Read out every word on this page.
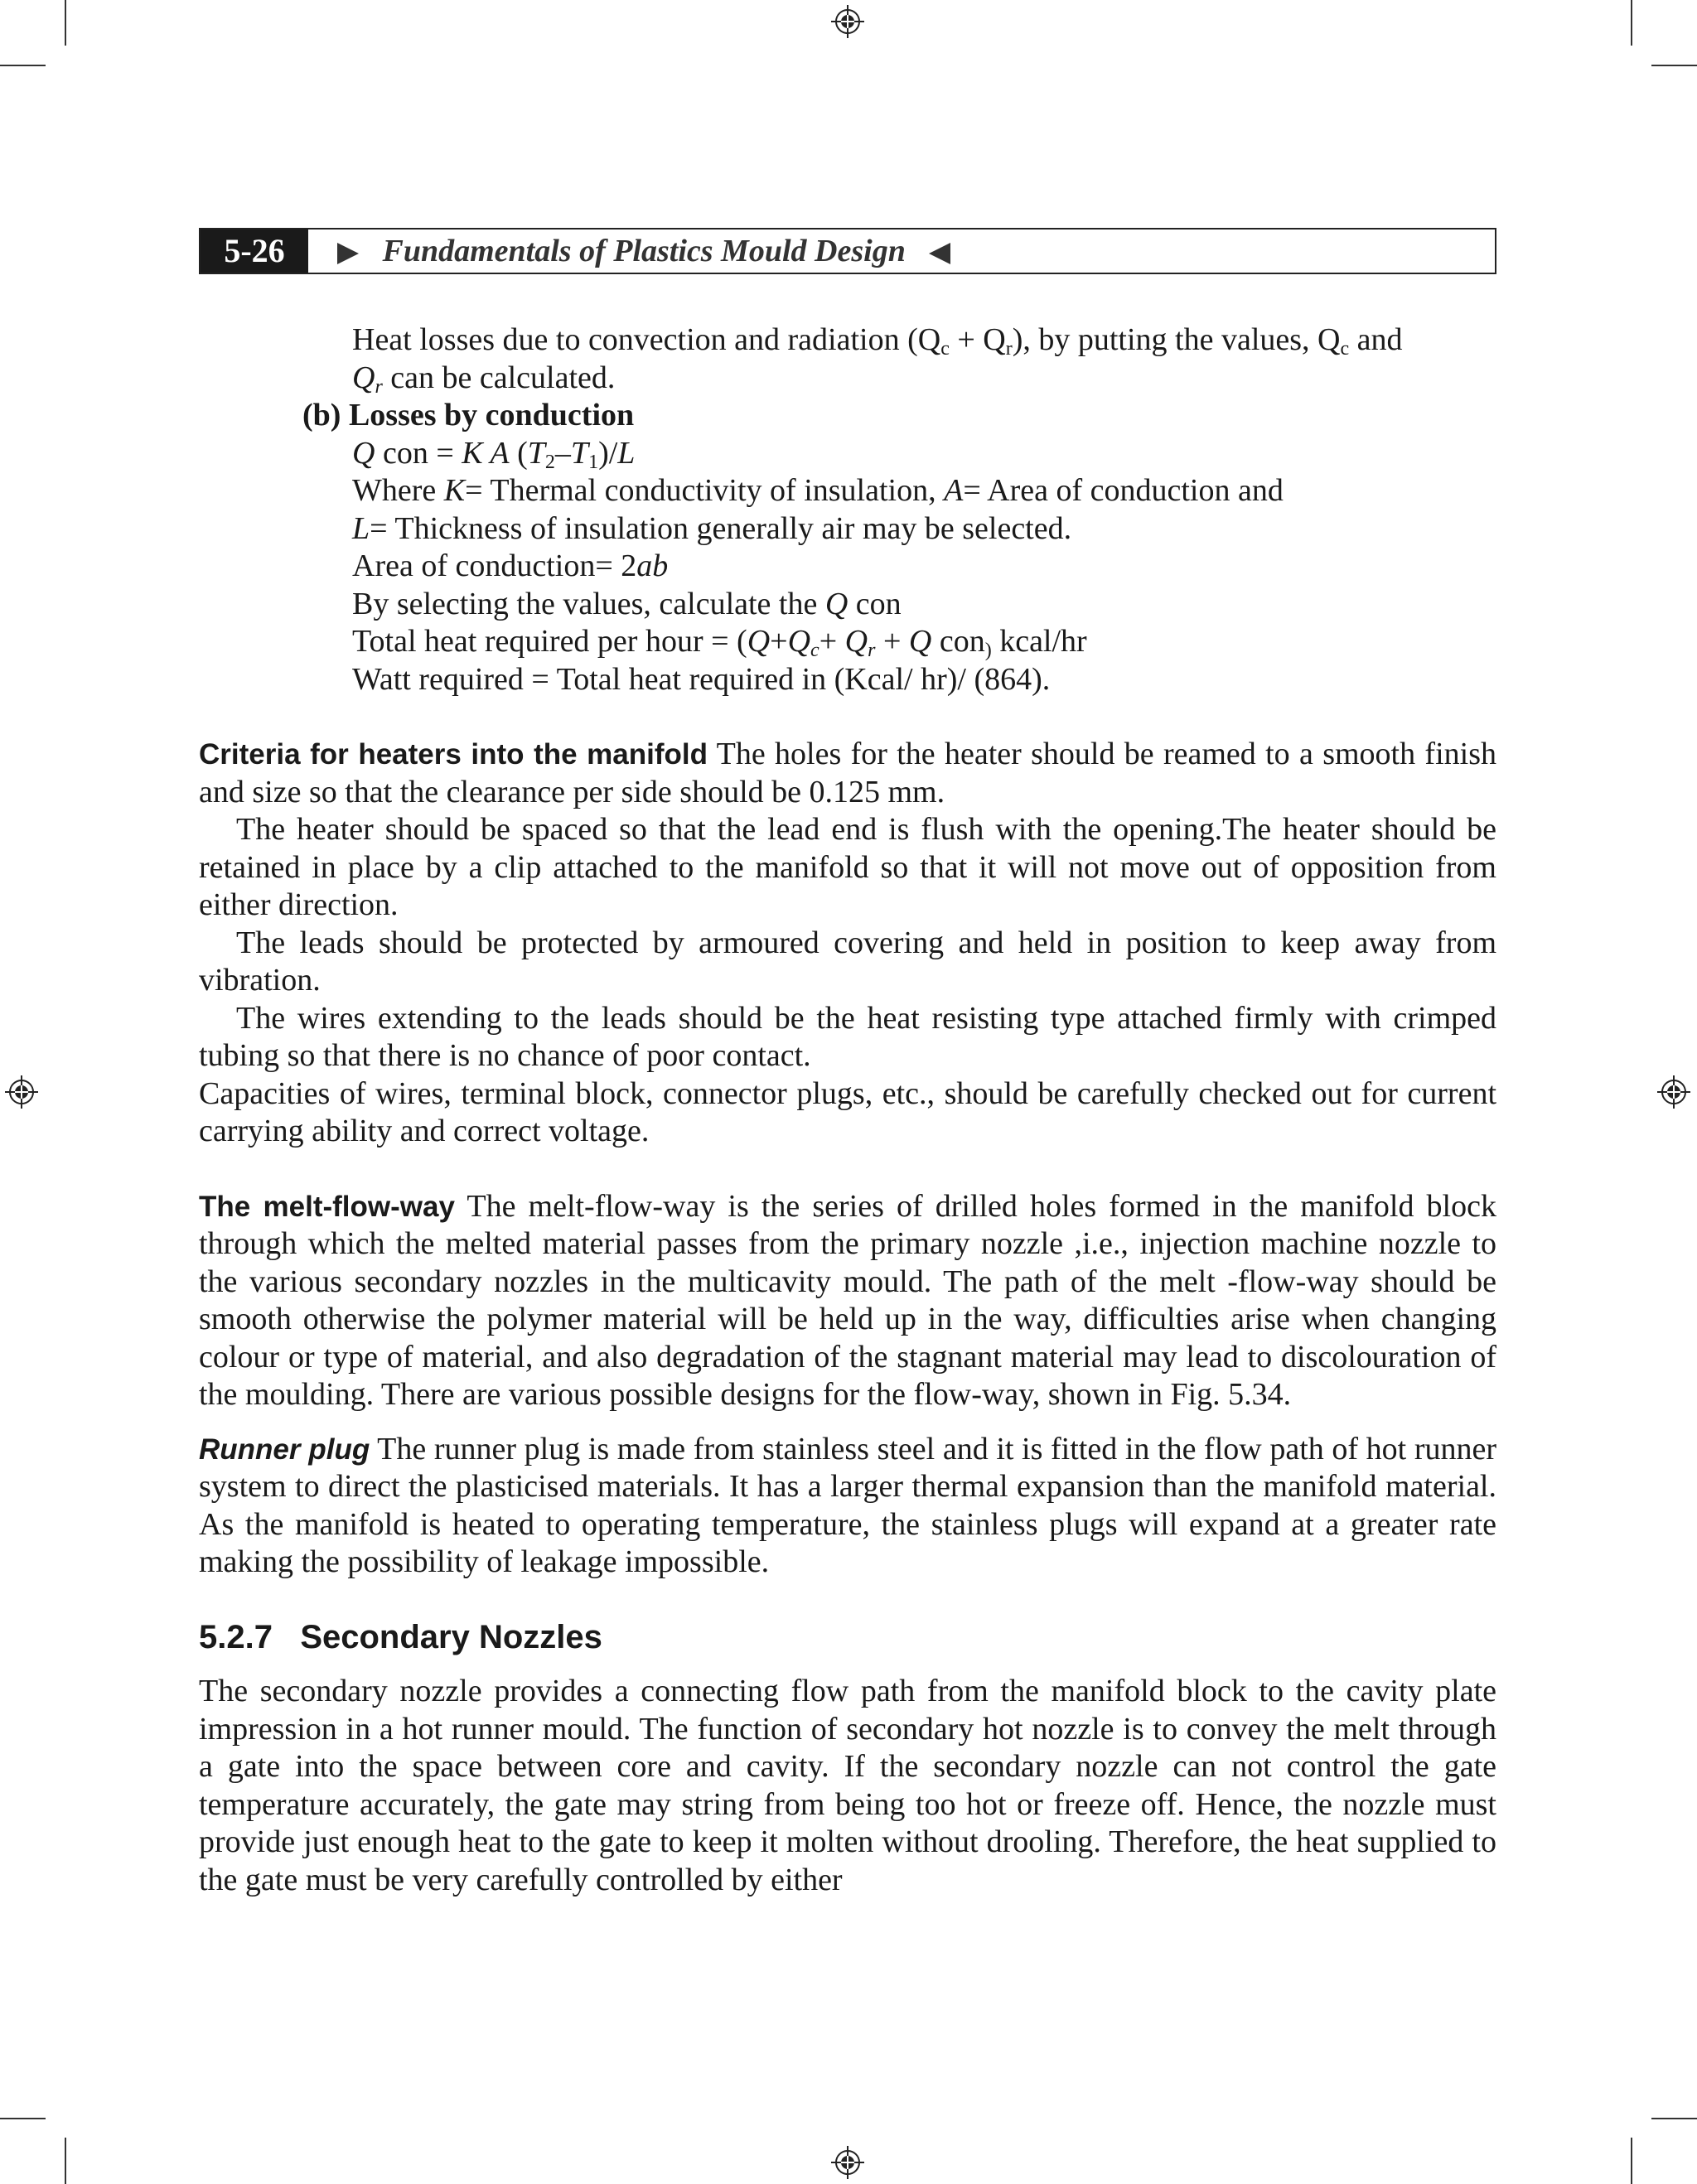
5-26	Fundamentals of Plastics Mould Design

Heat losses due to convection and radiation $(Q_c + Q_r)$, by putting the values, $Q_c$ and

$Q_r$ can be calculated.

(b) Losses by conduction

Q con = K A $(T_2-T_1)/L$

Where K= Thermal conductivity of insulation, A= Area of conduction and

L= Thickness of insulation generally air may be selected.

Area of conduction= 2ab

By selecting the values, calculate the Q con

Total heat required per hour = ($Q+Q_c+ Q_r + Q$ con$_)$ kcal/hr

Watt required = Total heat required in (Kcal/ hr)/ (864).

Criteria for heaters into the manifold The holes for the heater should be reamed to a smooth finish and size so that the clearance per side should be 0.125 mm.

The heater should be spaced so that the lead end is flush with the opening.The heater should be retained in place by a clip attached to the manifold so that it will not move out of opposition from either direction.

The leads should be protected by armoured covering and held in position to keep away from vibration.

The wires extending to the leads should be the heat resisting type attached firmly with crimped tubing so that there is no chance of poor contact.

Capacities of wires, terminal block, connector plugs, etc., should be carefully checked out for current carrying ability and correct voltage.

The melt-flow-way The melt-flow-way is the series of drilled holes formed in the manifold block through which the melted material passes from the primary nozzle ,i.e., injection machine nozzle to the various secondary nozzles in the multicavity mould. The path of the melt -flow-way should be smooth otherwise the polymer material will be held up in the way, difficulties arise when changing colour or type of material, and also degradation of the stagnant material may lead to discolouration of the moulding. There are various possible designs for the flow-way, shown in Fig. 5.34.

Runner plug The runner plug is made from stainless steel and it is fitted in the flow path of hot runner system to direct the plasticised materials. It has a larger thermal expansion than the manifold material. As the manifold is heated to operating temperature, the stainless plugs will expand at a greater rate making the possibility of leakage impossible.

5.2.7 Secondary Nozzles

The secondary nozzle provides a connecting flow path from the manifold block to the cavity plate impression in a hot runner mould. The function of secondary hot nozzle is to convey the melt through a gate into the space between core and cavity. If the secondary nozzle can not control the gate temperature accurately, the gate may string from being too hot or freeze off. Hence, the nozzle must provide just enough heat to the gate to keep it molten without drooling. Therefore, the heat supplied to the gate must be very carefully controlled by either
